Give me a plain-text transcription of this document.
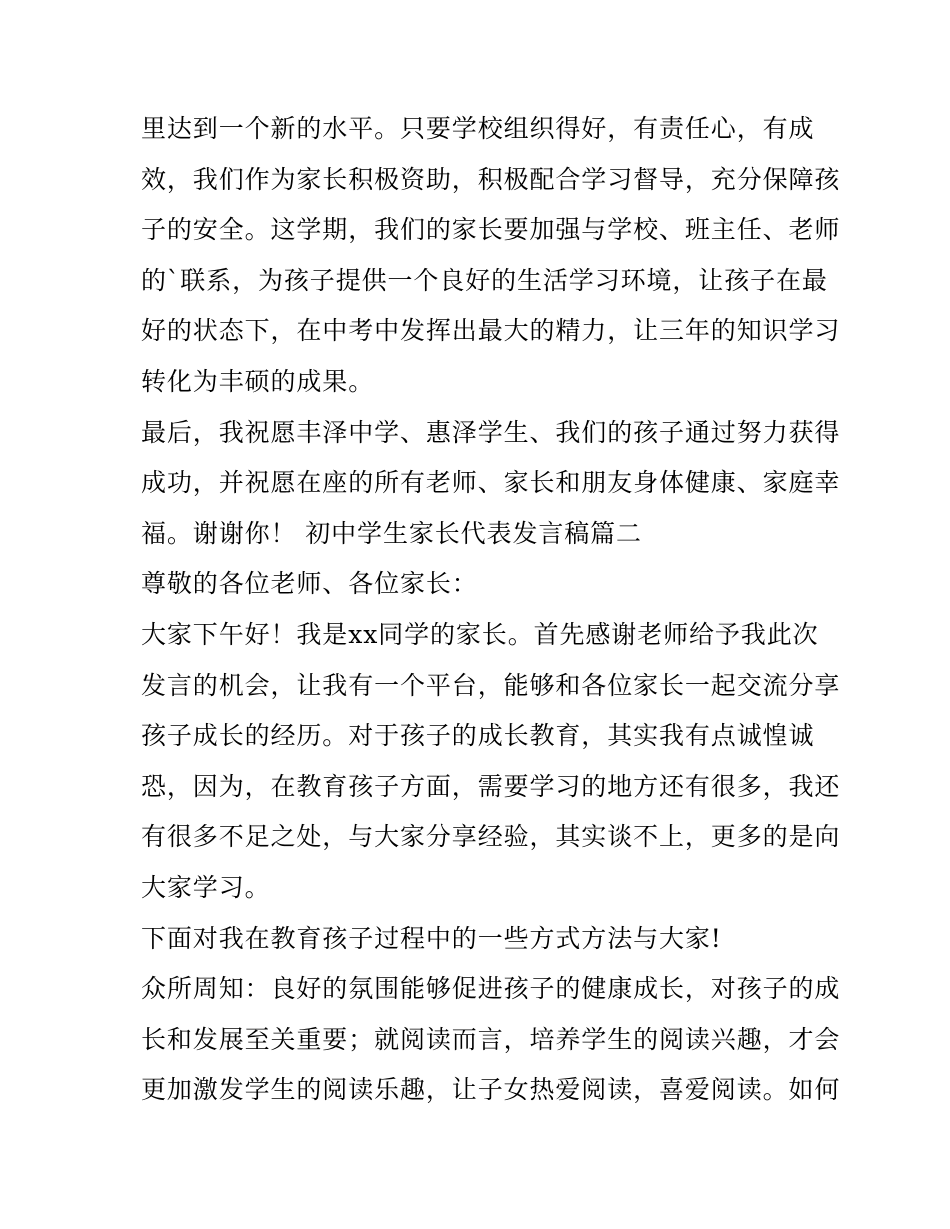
里达到一个新的水平。只要学校组织得好，有责任心，有成
效，我们作为家长积极资助，积极配合学习督导，充分保障孩
子的安全。这学期，我们的家长要加强与学校、班主任、老师
的`联系，为孩子提供一个良好的生活学习环境，让孩子在最
好的状态下，在中考中发挥出最大的精力，让三年的知识学习
转化为丰硕的成果。
最后，我祝愿丰泽中学、惠泽学生、我们的孩子通过努力获得
成功，并祝愿在座的所有老师、家长和朋友身体健康、家庭幸
福。谢谢你！ 初中学生家长代表发言稿篇二
尊敬的各位老师、各位家长：
大家下午好！我是xx同学的家长。首先感谢老师给予我此次
发言的机会，让我有一个平台，能够和各位家长一起交流分享
孩子成长的经历。对于孩子的成长教育，其实我有点诚惶诚
恐，因为，在教育孩子方面，需要学习的地方还有很多，我还
有很多不足之处，与大家分享经验，其实谈不上，更多的是向
大家学习。
下面对我在教育孩子过程中的一些方式方法与大家!
众所周知：良好的氛围能够促进孩子的健康成长，对孩子的成
长和发展至关重要；就阅读而言，培养学生的阅读兴趣，才会
更加激发学生的阅读乐趣，让子女热爱阅读，喜爱阅读。如何
